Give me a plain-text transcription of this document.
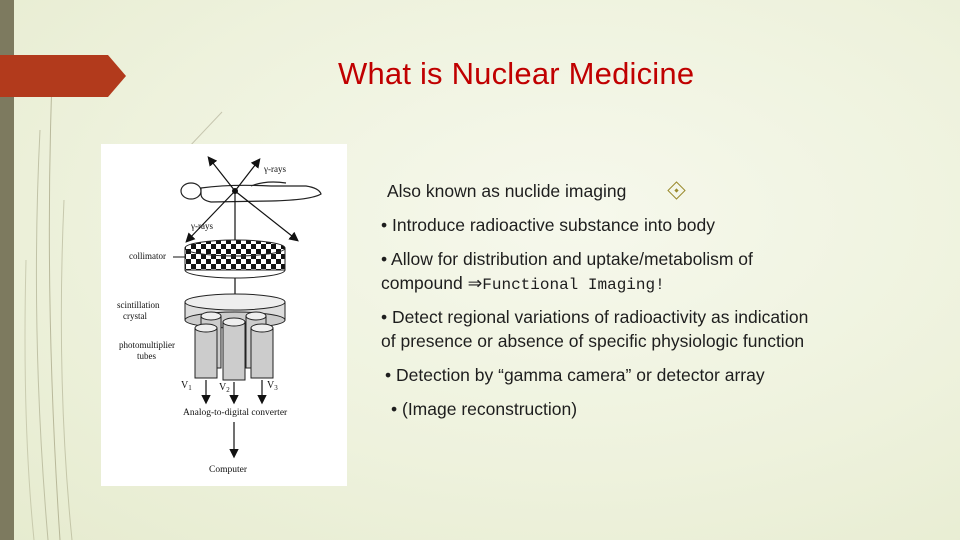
What is Nuclear Medicine
γ-rays
γ-rays
collimator
scintillation
crystal
photomultiplier
tubes
$V_1$	$V_2$	$V_3$
Analog-to-digital converter
Computer
Also known as nuclide imaging
• Introduce radioactive substance into body
• Allow for distribution and uptake/metabolism of
compound ⇒Functional Imaging!
• Detect regional variations of radioactivity as indication
of presence or absence of specific physiologic function
• Detection by “gamma camera” or detector array
• (Image reconstruction)
